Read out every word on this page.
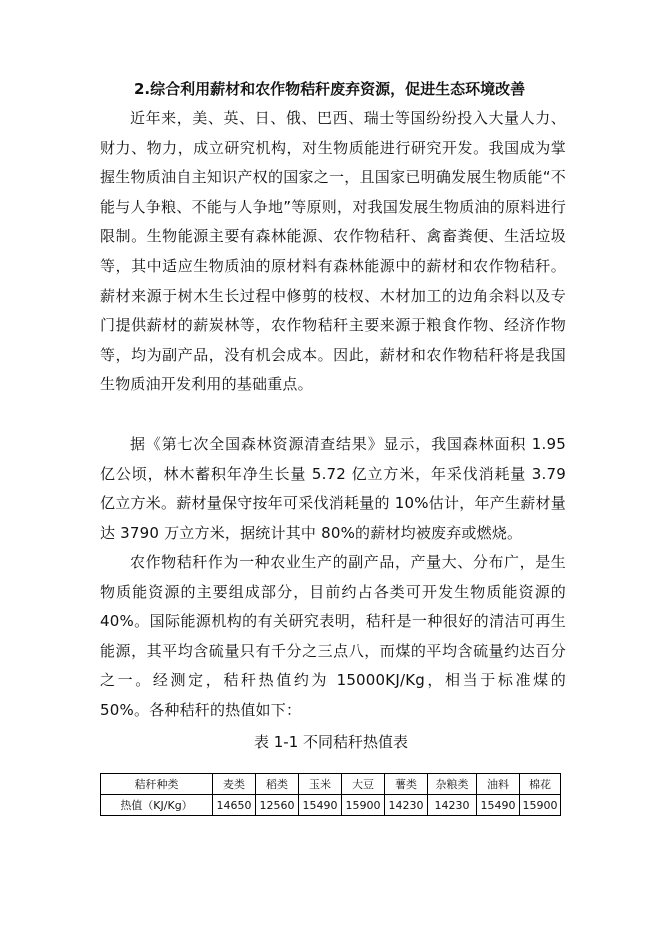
2.综合利用薪材和农作物秸秆废弃资源，促进生态环境改善
近年来，美、英、日、俄、巴西、瑞士等国纷纷投入大量人力、财力、物力，成立研究机构，对生物质能进行研究开发。我国成为掌握生物质油自主知识产权的国家之一，且国家已明确发展生物质能“不能与人争粮、不能与人争地”等原则，对我国发展生物质油的原料进行限制。生物能源主要有森林能源、农作物秸秆、禽畜粪便、生活垃圾等，其中适应生物质油的原材料有森林能源中的薪材和农作物秸秆。薪材来源于树木生长过程中修剪的枝杈、木材加工的边角余料以及专门提供薪材的薪炭林等，农作物秸秆主要来源于粮食作物、经济作物等，均为副产品，没有机会成本。因此，薪材和农作物秸秆将是我国生物质油开发利用的基础重点。
据《第七次全国森林资源清查结果》显示，我国森林面积 1.95 亿公顷，林木蓄积年净生长量 5.72 亿立方米，年采伐消耗量 3.79 亿立方米。薪材量保守按年可采伐消耗量的 10%估计，年产生薪材量达 3790 万立方米，据统计其中 80%的薪材均被废弃或燃烧。
农作物秸秆作为一种农业生产的副产品，产量大、分布广，是生物质能资源的主要组成部分，目前约占各类可开发生物质能资源的 40%。国际能源机构的有关研究表明，秸秆是一种很好的清洁可再生能源，其平均含硫量只有千分之三点八，而煤的平均含硫量约达百分之一。经测定，秸秆热值约为 15000KJ/Kg，相当于标准煤的 50%。各种秸秆的热值如下：
表 1-1 不同秸秆热值表
秸秆种类	麦类	稻类	玉米	大豆	薯类	杂粮类	油料	棉花
热值（KJ/Kg）	14650	12560	15490	15900	14230	14230	15490	15900
